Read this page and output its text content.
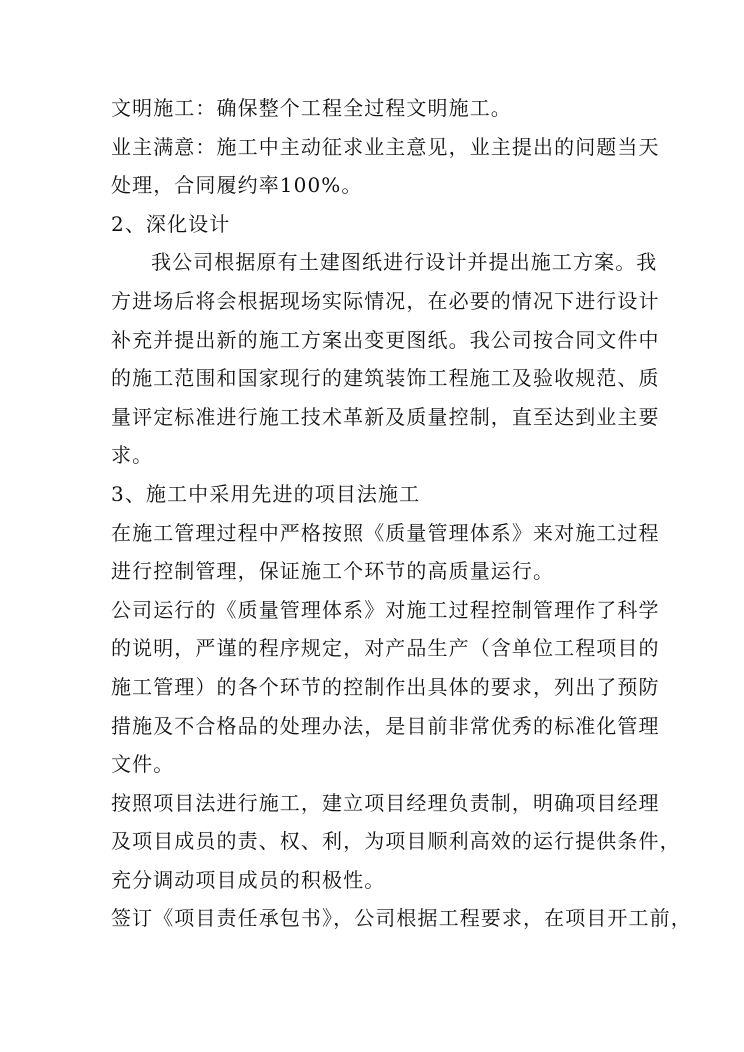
文明施工：确保整个工程全过程文明施工。
业主满意：施工中主动征求业主意见，业主提出的问题当天
处理，合同履约率100%。
2、深化设计
我公司根据原有土建图纸进行设计并提出施工方案。我
方进场后将会根据现场实际情况，在必要的情况下进行设计
补充并提出新的施工方案出变更图纸。我公司按合同文件中
的施工范围和国家现行的建筑装饰工程施工及验收规范、质
量评定标准进行施工技术革新及质量控制，直至达到业主要
求。
3、施工中采用先进的项目法施工
在施工管理过程中严格按照《质量管理体系》来对施工过程
进行控制管理，保证施工个环节的高质量运行。
公司运行的《质量管理体系》对施工过程控制管理作了科学
的说明，严谨的程序规定，对产品生产（含单位工程项目的
施工管理）的各个环节的控制作出具体的要求，列出了预防
措施及不合格品的处理办法，是目前非常优秀的标准化管理
文件。
按照项目法进行施工，建立项目经理负责制，明确项目经理
及项目成员的责、权、利，为项目顺利高效的运行提供条件，
充分调动项目成员的积极性。
签订《项目责任承包书》，公司根据工程要求，在项目开工前，
